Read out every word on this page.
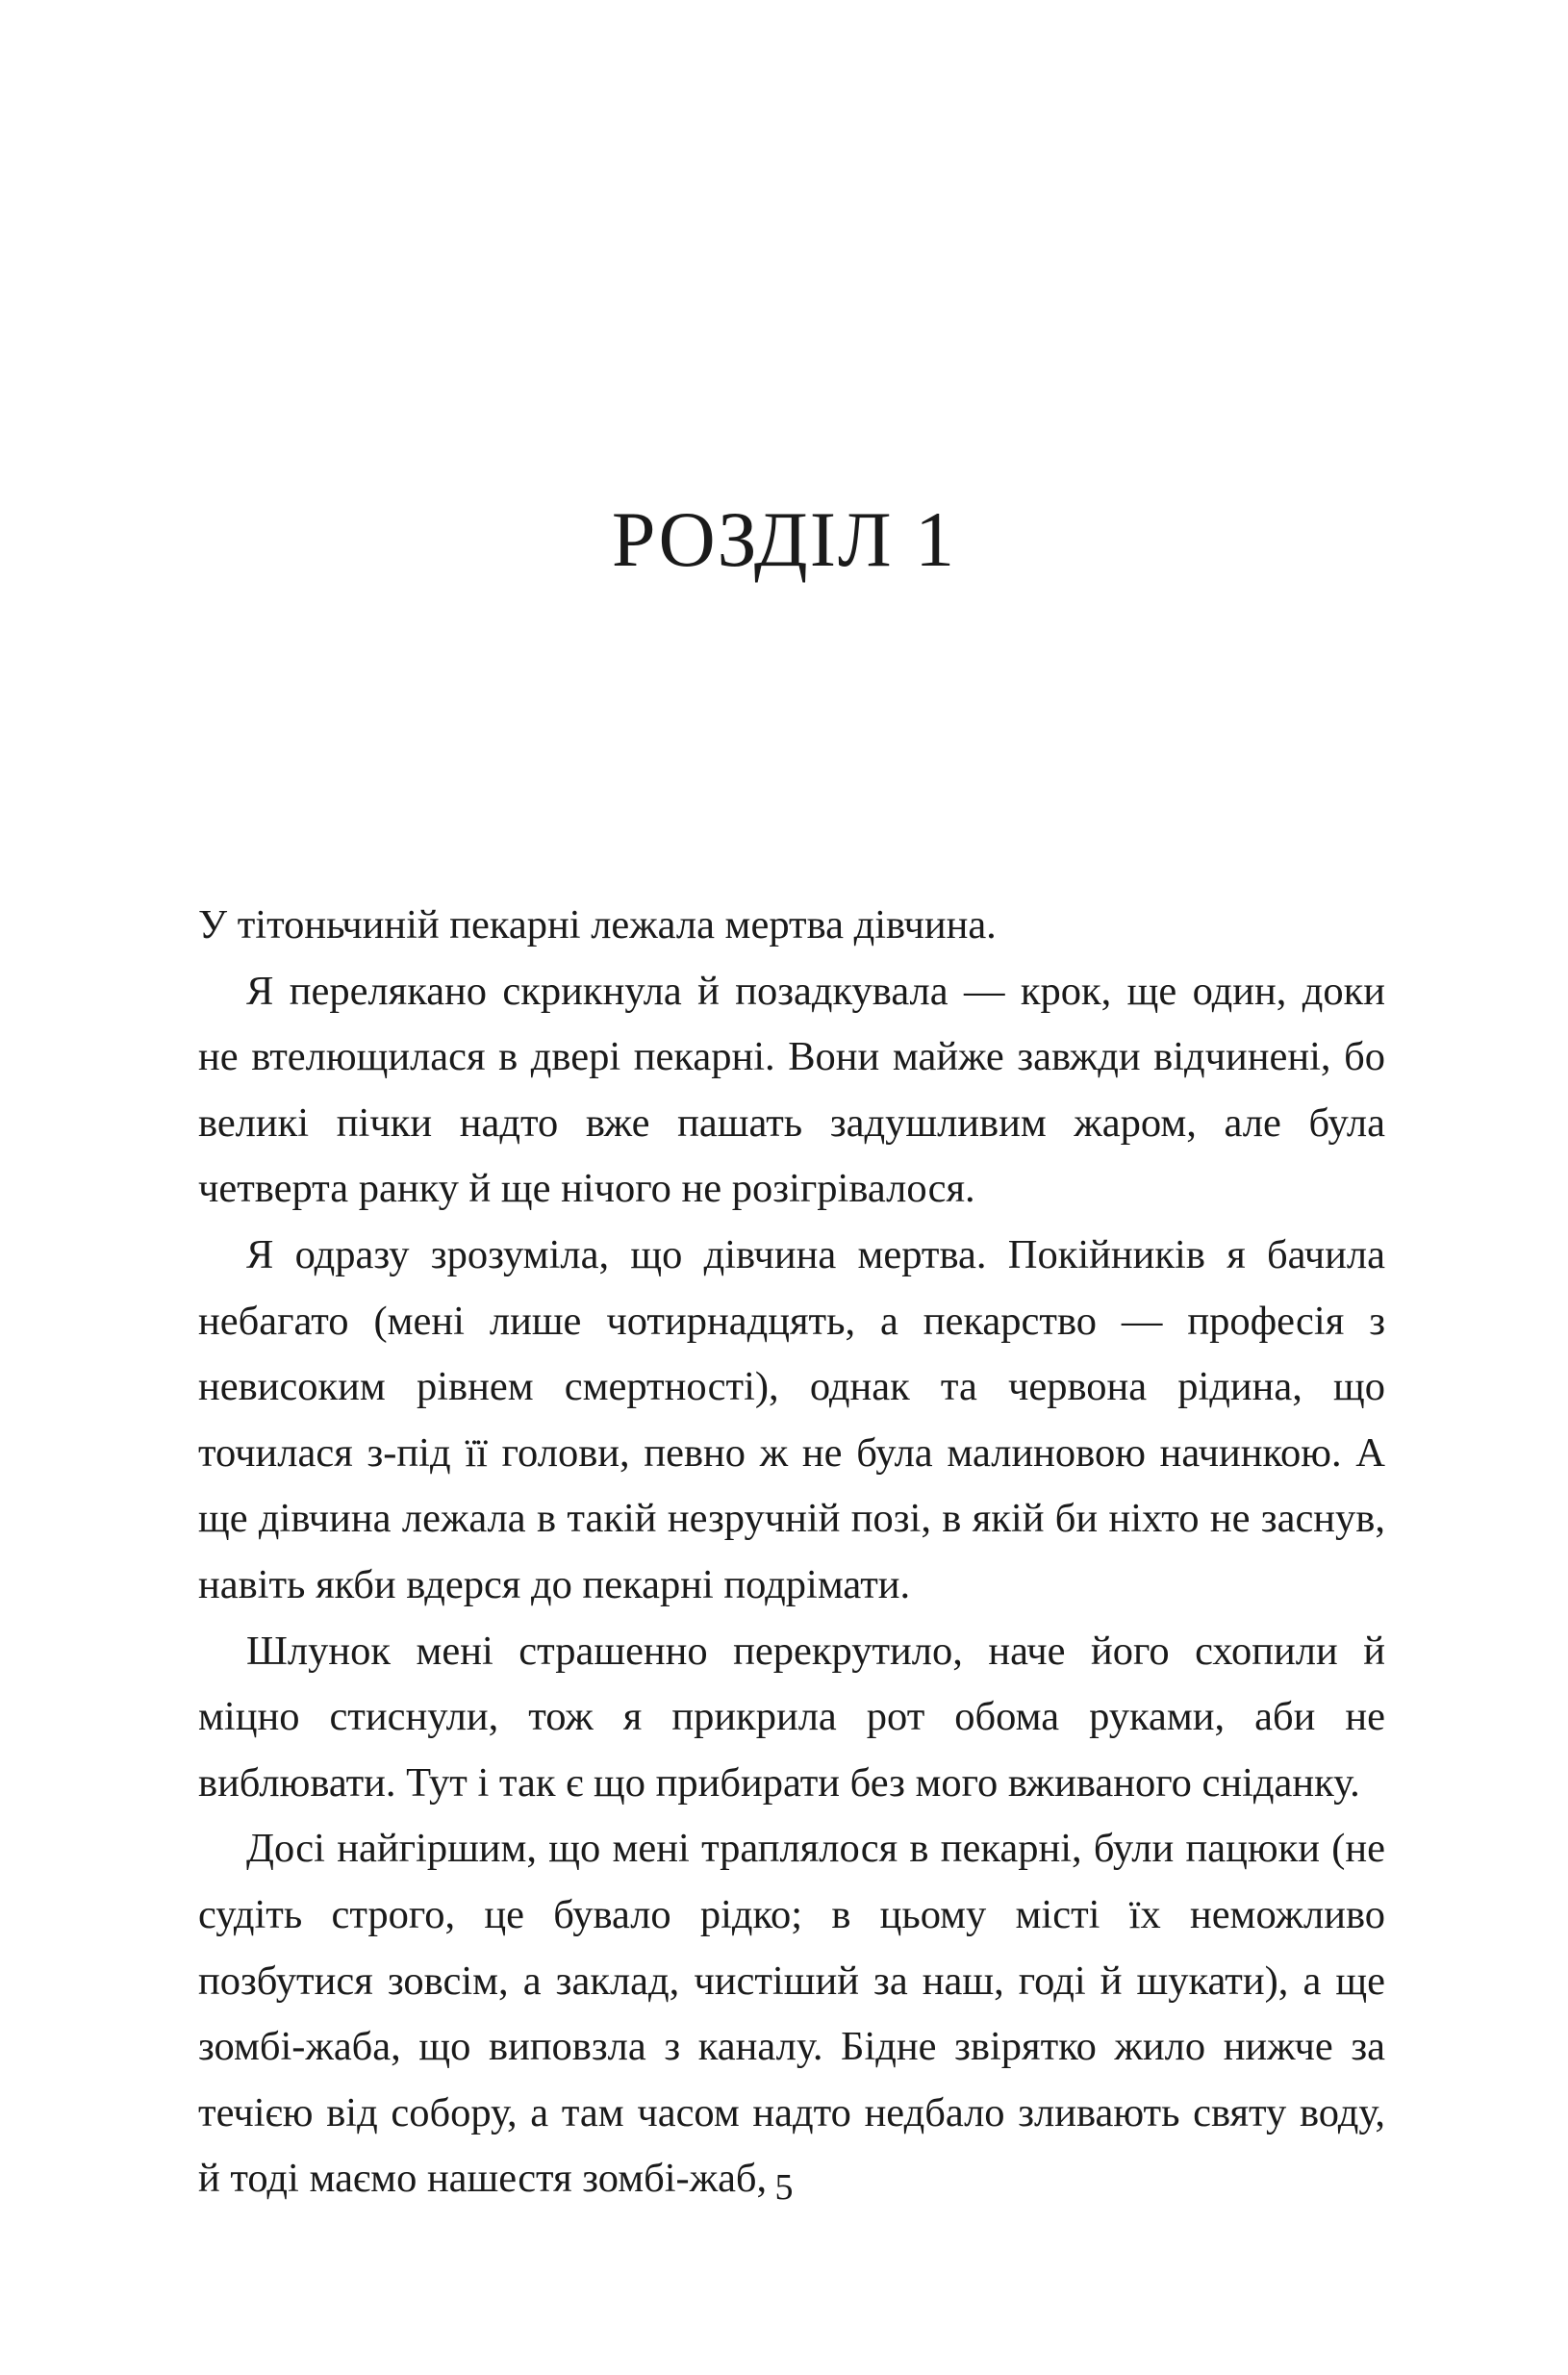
РОЗДІЛ 1

У тітоньчиній пекарні лежала мертва дівчина.

Я перелякано скрикнула й позадкувала — крок, ще один, доки не втелющилася в двері пекарні. Вони майже завжди відчинені, бо великі пічки надто вже пашать задушливим жаром, але була четверта ранку й ще нічого не розігрівалося.

Я одразу зрозуміла, що дівчина мертва. Покійників я бачила небагато (мені лише чотирнадцять, а пекарство — професія з невисоким рівнем смертності), однак та червона рідина, що точилася з-під її голови, певно ж не була малиновою начинкою. А ще дівчина лежала в такій незручній позі, в якій би ніхто не заснув, навіть якби вдерся до пекарні подрімати.

Шлунок мені страшенно перекрутило, наче його схопили й міцно стиснули, тож я прикрила рот обома руками, аби не виблювати. Тут і так є що прибирати без мого вживаного сніданку.

Досі найгіршим, що мені траплялося в пекарні, були пацюки (не судіть строго, це бувало рідко; в цьому місті їх неможливо позбутися зовсім, а заклад, чистіший за наш, годі й шукати), а ще зомбі-жаба, що виповзла з каналу. Бідне звірятко жило нижче за течією від собору, а там часом надто недбало зливають святу воду, й тоді маємо нашестя зомбі-жаб, 5
